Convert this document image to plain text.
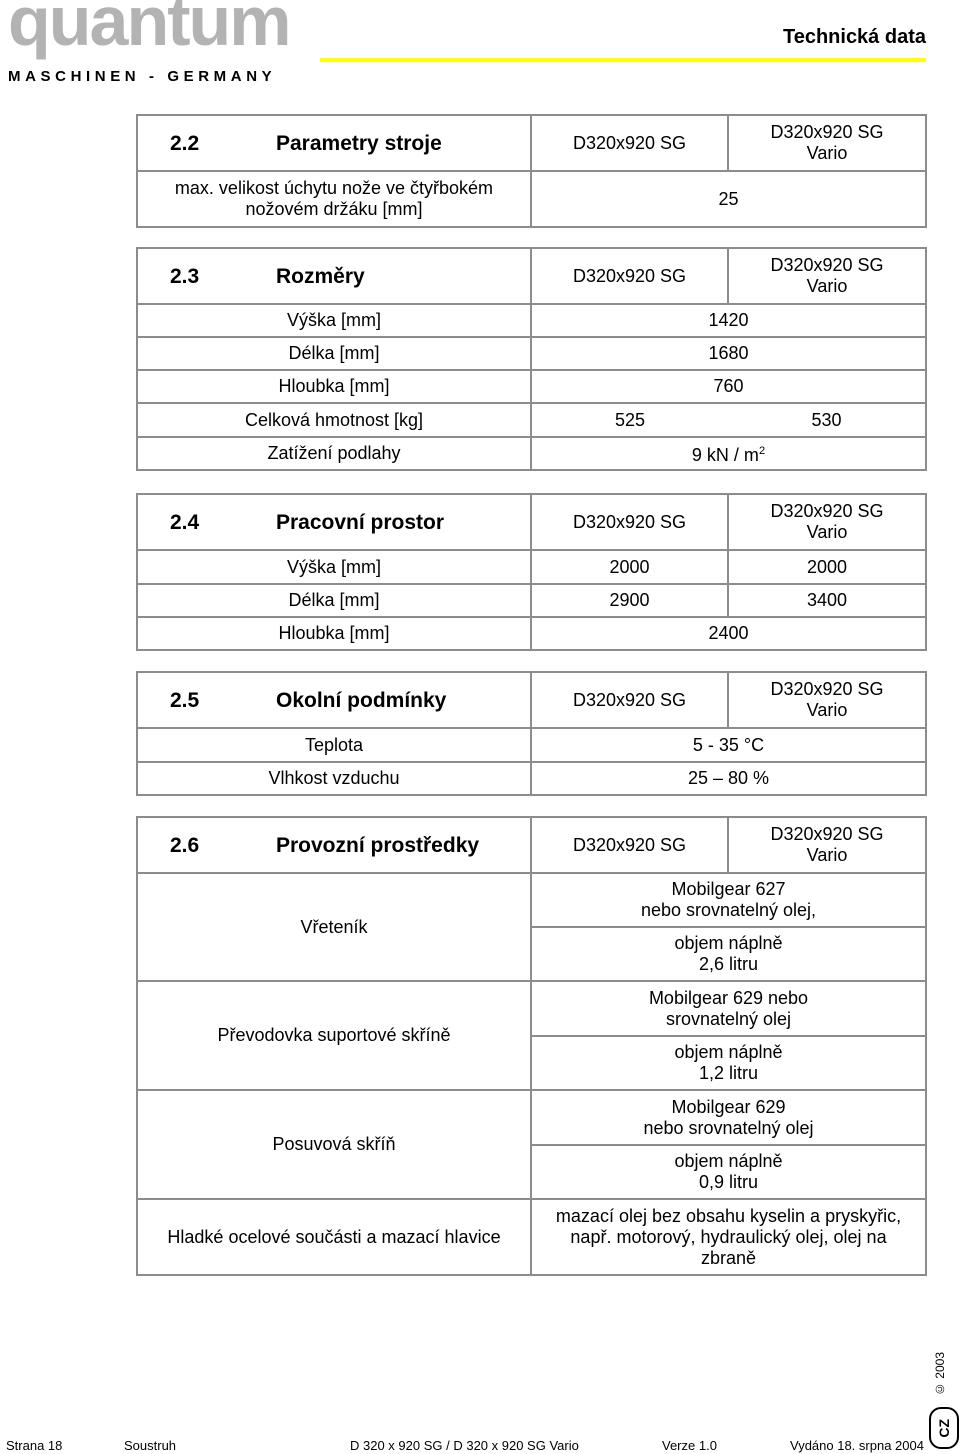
quantum
MASCHINEN - GERMANY
Technická data
2.2 Parametry stroje	D320x920 SG	D320x920 SG
Vario
max. velikost úchytu nože ve čtyřbokém
nožovém držáku [mm]	25	
2.3 Rozměry	D320x920 SG	D320x920 SG
Vario
Výška [mm]	1420	
Délka [mm]	1680	
Hloubka [mm]	760	
Celková hmotnost [kg]	525	530
Zatížení podlahy	9 kN / $m^2$
2.4 Pracovní prostor	D320x920 SG	D320x920 SG
Vario
Výška [mm]	2000	2000
Délka [mm]	2900	3400
Hloubka [mm]	2400	
2.5 Okolní podmínky	D320x920 SG	D320x920 SG
Vario
Teplota	5 - 35 °C	
Vlhkost vzduchu	25 – 80 %	
2.6 Provozní prostředky	D320x920 SG	D320x920 SG
Vario
Vřeteník	Mobilgear 627
nebo srovnatelný olej,	
	objem náplně
2,6 litru	
Převodovka suportové skříně	Mobilgear 629 nebo
srovnatelný olej	
	objem náplně
1,2 litru	
Posuvová skříň	Mobilgear 629
nebo srovnatelný olej	
	objem náplně
0,9 litru	
Hladké ocelové součásti a mazací hlavice	mazací olej bez obsahu kyselin a pryskyřic,
např. motorový, hydraulický olej, olej na
zbraně	
© 2003
CZ
Strana 18	Soustruh	D 320 x 920 SG / D 320 x 920 SG Vario	Verze 1.0	Vydáno 18. srpna 2004
